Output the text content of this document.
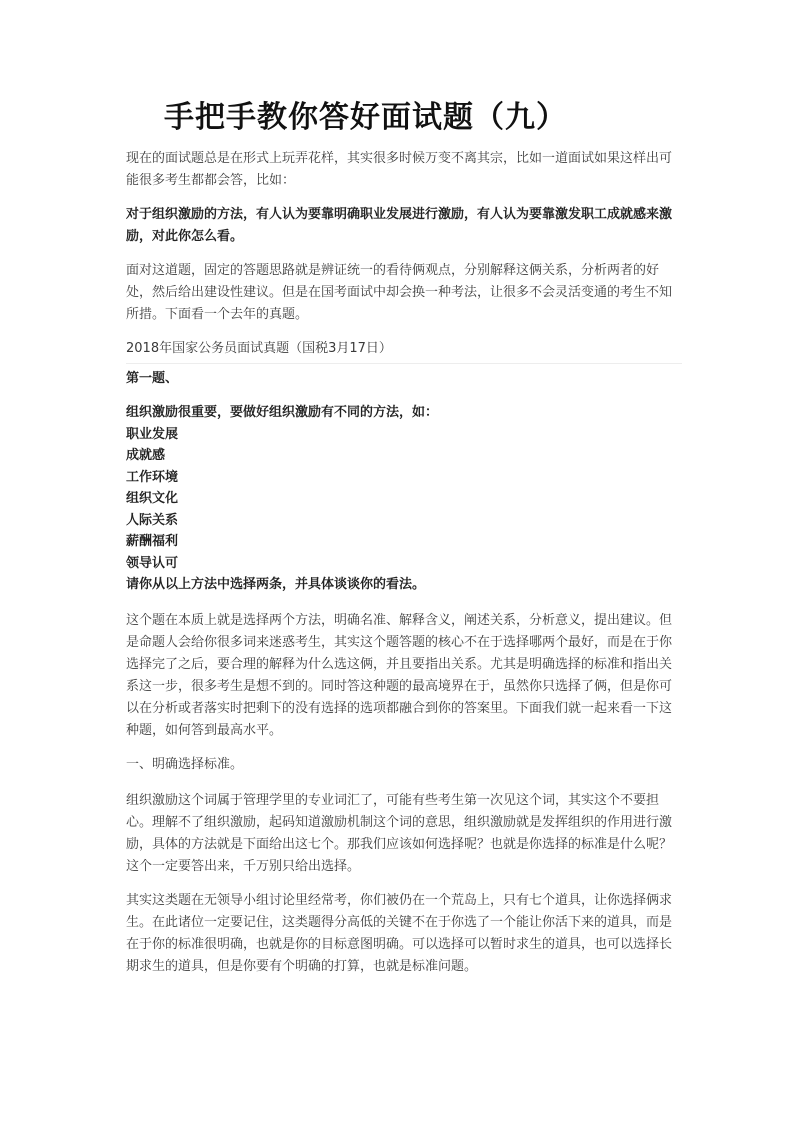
手把手教你答好面试题（九）

现在的面试题总是在形式上玩弄花样，其实很多时候万变不离其宗，比如一道面试如果这样出可能很多考生都都会答，比如：

对于组织激励的方法，有人认为要靠明确职业发展进行激励，有人认为要靠激发职工成就感来激励，对此你怎么看。

面对这道题，固定的答题思路就是辨证统一的看待俩观点，分别解释这俩关系，分析两者的好处，然后给出建设性建议。但是在国考面试中却会换一种考法，让很多不会灵活变通的考生不知所措。下面看一个去年的真题。

2018年国家公务员面试真题（国税3月17日）

第一题、

组织激励很重要，要做好组织激励有不同的方法，如：

职业发展

成就感

工作环境

组织文化

人际关系

薪酬福利

领导认可

请你从以上方法中选择两条，并具体谈谈你的看法。

这个题在本质上就是选择两个方法，明确名准、解释含义，阐述关系，分析意义，提出建议。但是命题人会给你很多词来迷惑考生，其实这个题答题的核心不在于选择哪两个最好，而是在于你选择完了之后，要合理的解释为什么选这俩，并且要指出关系。尤其是明确选择的标准和指出关系这一步，很多考生是想不到的。同时答这种题的最高境界在于，虽然你只选择了俩，但是你可以在分析或者落实时把剩下的没有选择的选项都融合到你的答案里。下面我们就一起来看一下这种题，如何答到最高水平。

一、明确选择标准。

组织激励这个词属于管理学里的专业词汇了，可能有些考生第一次见这个词，其实这个不要担心。理解不了组织激励，起码知道激励机制这个词的意思，组织激励就是发挥组织的作用进行激励，具体的方法就是下面给出这七个。那我们应该如何选择呢？也就是你选择的标准是什么呢？这个一定要答出来，千万别只给出选择。

其实这类题在无领导小组讨论里经常考，你们被仍在一个荒岛上，只有七个道具，让你选择俩求生。在此诸位一定要记住，这类题得分高低的关键不在于你选了一个能让你活下来的道具，而是在于你的标准很明确，也就是你的目标意图明确。可以选择可以暂时求生的道具，也可以选择长期求生的道具，但是你要有个明确的打算，也就是标准问题。
